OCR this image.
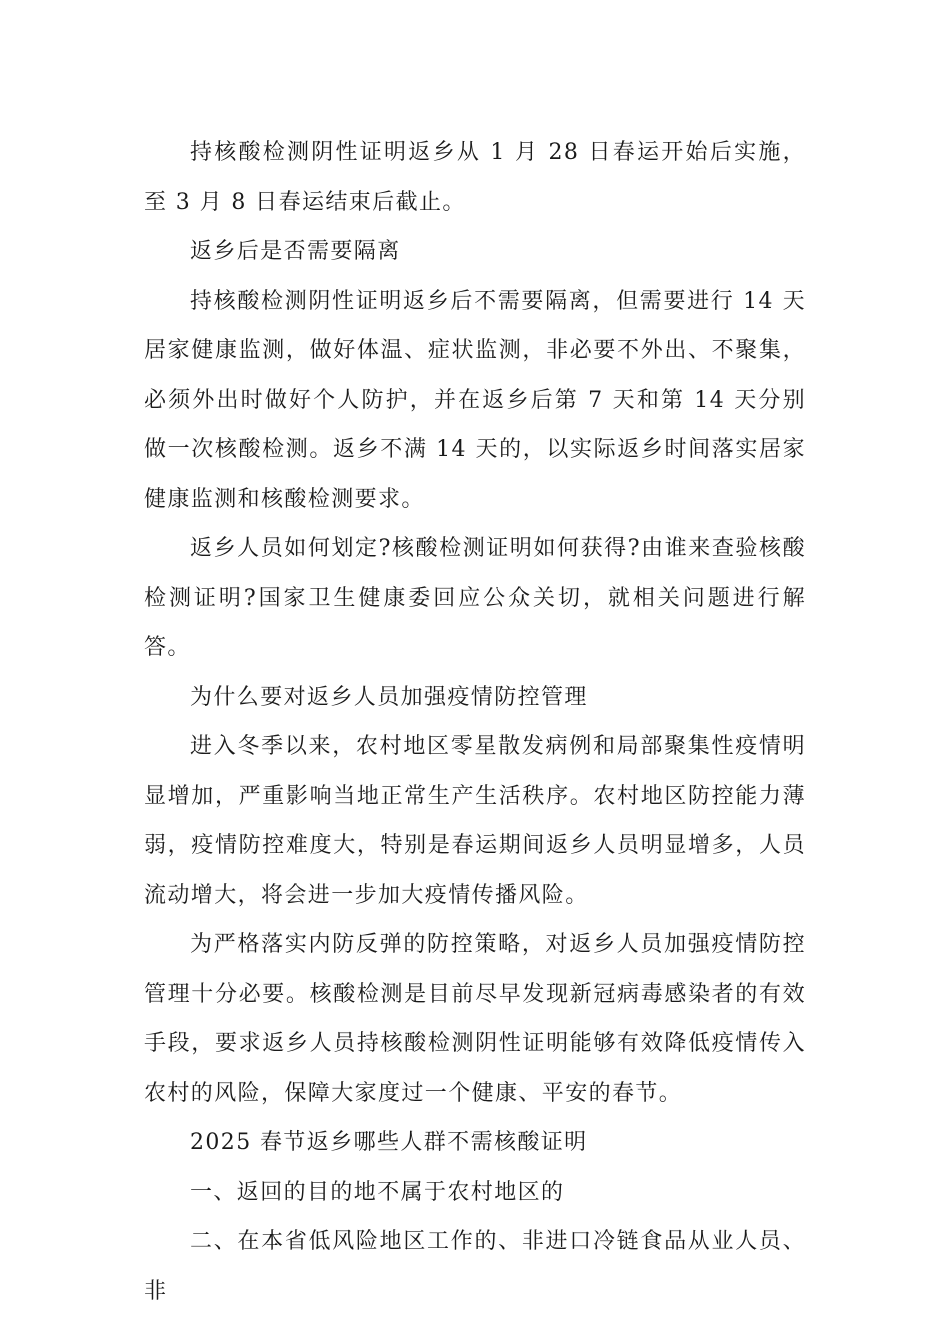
持核酸检测阴性证明返乡从 1 月 28 日春运开始后实施，至 3 月 8 日春运结束后截止。

返乡后是否需要隔离

持核酸检测阴性证明返乡后不需要隔离，但需要进行 14 天居家健康监测，做好体温、症状监测，非必要不外出、不聚集，必须外出时做好个人防护，并在返乡后第 7 天和第 14 天分别做一次核酸检测。返乡不满 14 天的，以实际返乡时间落实居家健康监测和核酸检测要求。

返乡人员如何划定?核酸检测证明如何获得?由谁来查验核酸检测证明?国家卫生健康委回应公众关切，就相关问题进行解答。

为什么要对返乡人员加强疫情防控管理

进入冬季以来，农村地区零星散发病例和局部聚集性疫情明显增加，严重影响当地正常生产生活秩序。农村地区防控能力薄弱，疫情防控难度大，特别是春运期间返乡人员明显增多，人员流动增大，将会进一步加大疫情传播风险。

为严格落实内防反弹的防控策略，对返乡人员加强疫情防控管理十分必要。核酸检测是目前尽早发现新冠病毒感染者的有效手段，要求返乡人员持核酸检测阴性证明能够有效降低疫情传入农村的风险，保障大家度过一个健康、平安的春节。

2025 春节返乡哪些人群不需核酸证明

一、返回的目的地不属于农村地区的

二、在本省低风险地区工作的、非进口冷链食品从业人员、非
